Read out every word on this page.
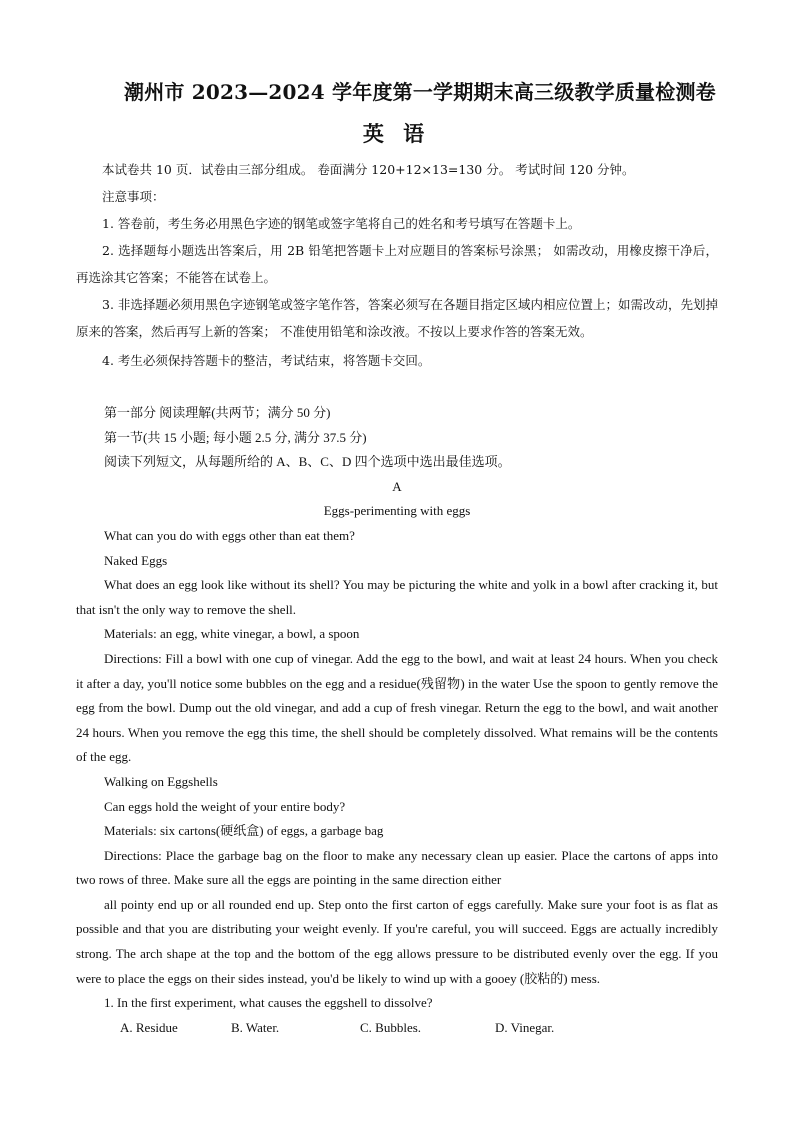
潮州市 2023—2024 学年度第一学期期末高三级教学质量检测卷
英 语

本试卷共 10 页．试卷由三部分组成。 卷面满分 120+12×13=130 分。 考试时间 120 分钟。

注意事项：

1. 答卷前，考生务必用黑色字迹的钢笔或签字笔将自己的姓名和考号填写在答题卡上。

2. 选择题每小题选出答案后，用 2B 铅笔把答题卡上对应题目的答案标号涂黑； 如需改动，用橡皮擦干净后，再选涂其它答案；不能答在试卷上。

3. 非选择题必须用黑色字迹钢笔或签字笔作答，答案必须写在各题目指定区域内相应位置上；如需改动，先划掉原来的答案，然后再写上新的答案； 不准使用铅笔和涂改液。不按以上要求作答的答案无效。

4. 考生必须保持答题卡的整洁，考试结束，将答题卡交回。

第一部分 阅读理解(共两节；满分 50 分)

第一节(共 15 小题; 每小题 2.5 分, 满分 37.5 分)

阅读下列短文，从每题所给的 A、B、C、D 四个选项中选出最佳选项。

A

Eggs-perimenting with eggs

What can you do with eggs other than eat them?

Naked Eggs

What does an egg look like without its shell? You may be picturing the white and yolk in a bowl after cracking it, but that isn't the only way to remove the shell.

Materials: an egg, white vinegar, a bowl, a spoon

Directions: Fill a bowl with one cup of vinegar. Add the egg to the bowl, and wait at least 24 hours. When you check it after a day, you'll notice some bubbles on the egg and a residue(残留物) in the water Use the spoon to gently remove the egg from the bowl. Dump out the old vinegar, and add a cup of fresh vinegar. Return the egg to the bowl, and wait another 24 hours. When you remove the egg this time, the shell should be completely dissolved. What remains will be the contents of the egg.

Walking on Eggshells

Can eggs hold the weight of your entire body?

Materials: six cartons(硬纸盒) of eggs, a garbage bag

Directions: Place the garbage bag on the floor to make any necessary clean up easier. Place the cartons of apps into two rows of three. Make sure all the eggs are pointing in the same direction either

all pointy end up or all rounded end up. Step onto the first carton of eggs carefully. Make sure your foot is as flat as possible and that you are distributing your weight evenly. If you're careful, you will succeed. Eggs are actually incredibly strong. The arch shape at the top and the bottom of the egg allows pressure to be distributed evenly over the egg. If you were to place the eggs on their sides instead, you'd be likely to wind up with a gooey (胶粘的) mess.

1. In the first experiment, what causes the eggshell to dissolve?

A. Residue	B. Water.	C. Bubbles.	D. Vinegar.
